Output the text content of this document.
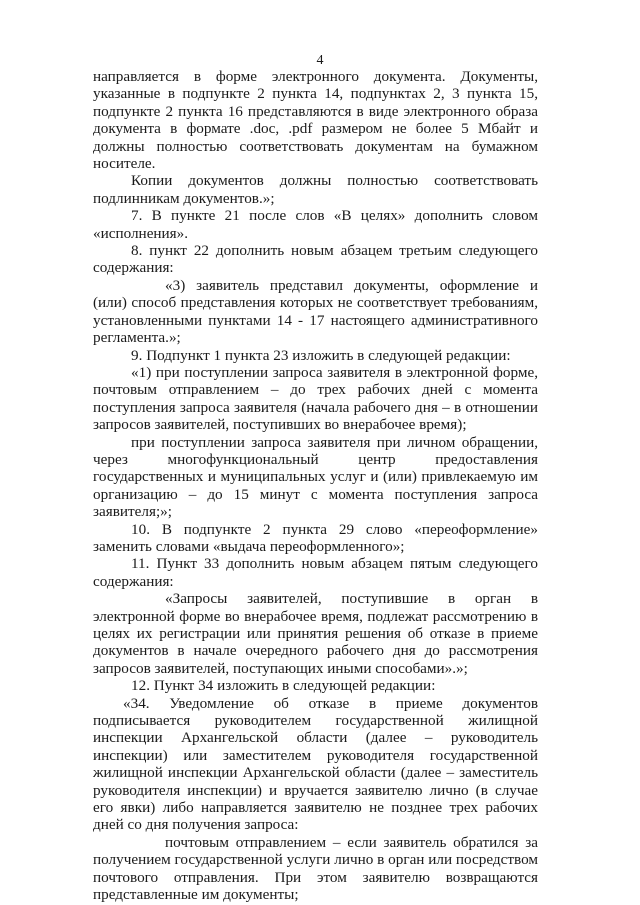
4

направляется в форме электронного документа. Документы, указанные в подпункте 2 пункта 14, подпунктах 2, 3 пункта 15, подпункте 2 пункта 16 представляются в виде электронного образа документа в формате .doc, .pdf размером не более 5 Мбайт и должны полностью соответствовать документам на бумажном носителе.

Копии документов должны полностью соответствовать подлинникам документов.»;

7. В пункте 21 после слов «В целях» дополнить словом «исполнения».

8. пункт 22 дополнить новым абзацем третьим следующего содержания:

«3) заявитель представил документы, оформление и (или) способ представления которых не соответствует требованиям, установленными пунктами 14 - 17 настоящего административного регламента.»;

9. Подпункт 1 пункта 23 изложить в следующей редакции:

«1) при поступлении запроса заявителя в электронной форме, почтовым отправлением – до трех рабочих дней с момента поступления запроса заявителя (начала рабочего дня – в отношении запросов заявителей, поступивших во внерабочее время);

при поступлении запроса заявителя при личном обращении, через многофункциональный центр предоставления государственных и муниципальных услуг и (или) привлекаемую им организацию – до 15 минут с момента поступления запроса заявителя;»;

10. В подпункте 2 пункта 29 слово «переоформление» заменить словами «выдача переоформленного»;

11. Пункт 33 дополнить новым абзацем пятым следующего содержания:

«Запросы заявителей, поступившие в орган в электронной форме во внерабочее время, подлежат рассмотрению в целях их регистрации или принятия решения об отказе в приеме документов в начале очередного рабочего дня до рассмотрения запросов заявителей, поступающих иными способами».»;

12. Пункт 34 изложить в следующей редакции:

«34. Уведомление об отказе в приеме документов подписывается руководителем государственной жилищной инспекции Архангельской области (далее – руководитель инспекции) или заместителем руководителя государственной жилищной инспекции Архангельской области (далее – заместитель руководителя инспекции) и вручается заявителю лично (в случае его явки) либо направляется заявителю не позднее трех рабочих дней со дня получения запроса:

почтовым отправлением – если заявитель обратился за получением государственной услуги лично в орган или посредством почтового отправления. При этом заявителю возвращаются представленные им документы;
